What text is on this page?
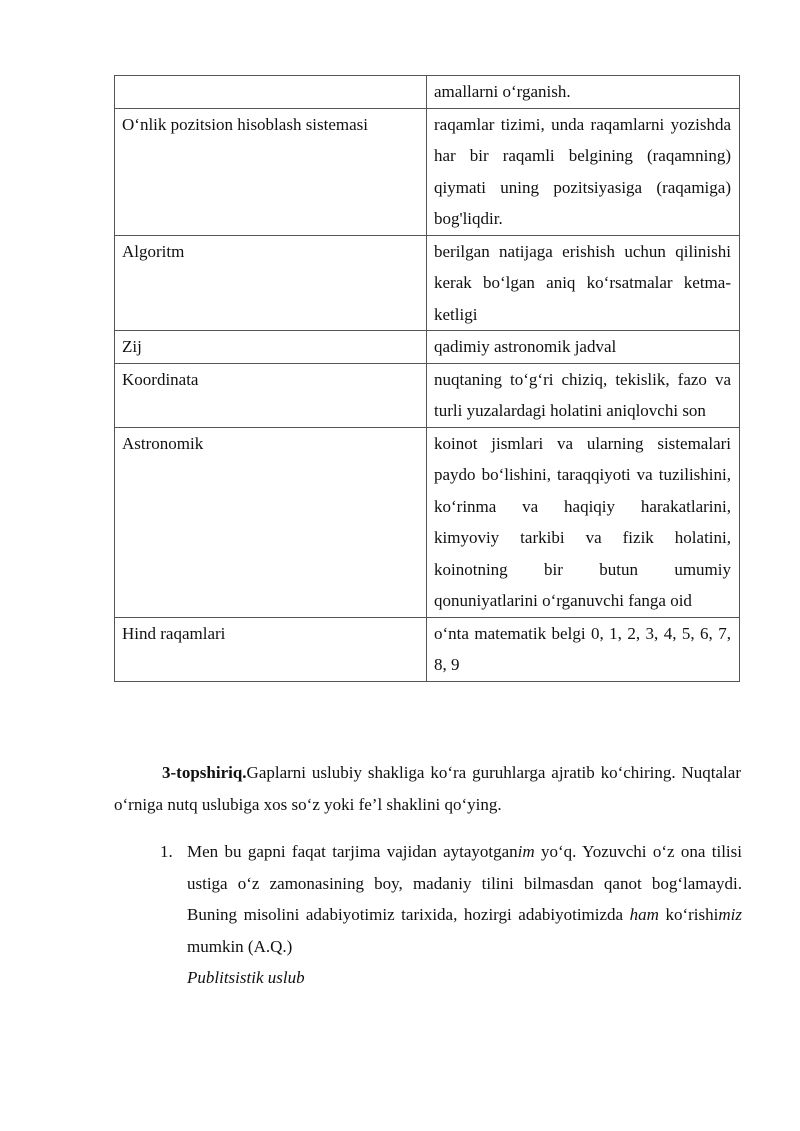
	amallarni o‘rganish.
O‘nlik pozitsion hisoblash sistemasi	raqamlar tizimi, unda raqamlarni yozishda har bir raqamli belgining (raqamning) qiymati uning pozitsiyasiga (raqamiga) bog'liqdir.
Algoritm	berilgan natijaga erishish uchun qilinishi kerak bo‘lgan aniq ko‘rsatmalar ketma-ketligi
Zij	qadimiy astronomik jadval
Koordinata	nuqtaning to‘g‘ri chiziq, tekislik, fazo va turli yuzalardagi holatini aniqlovchi son
Astronomik	koinot jismlari va ularning sistemalari paydo bo‘lishini, taraqqiyoti va tuzilishini, ko‘rinma va haqiqiy harakatlarini, kimyoviy tarkibi va fizik holatini, koinotning bir butun umumiy qonuniyatlarini o‘rganuvchi fanga oid
Hind raqamlari	o‘nta matematik belgi 0, 1, 2, 3, 4, 5, 6, 7, 8, 9
3-topshiriq.Gaplarni uslubiy shakliga ko‘ra guruhlarga ajratib ko‘chiring. Nuqtalar o‘rniga nutq uslubiga xos so‘z yoki fe’l shaklini qo‘ying.
1. Men bu gapni faqat tarjima vajidan aytayotganim yo‘q. Yozuvchi o‘z ona tilisi ustiga o‘z zamonasining boy, madaniy tilini bilmasdan qanot bog‘lamaydi. Buning misolini adabiyotimiz tarixida, hozirgi adabiyotimizda ham ko‘rishimiz mumkin (A.Q.)
Publitsistik uslub
